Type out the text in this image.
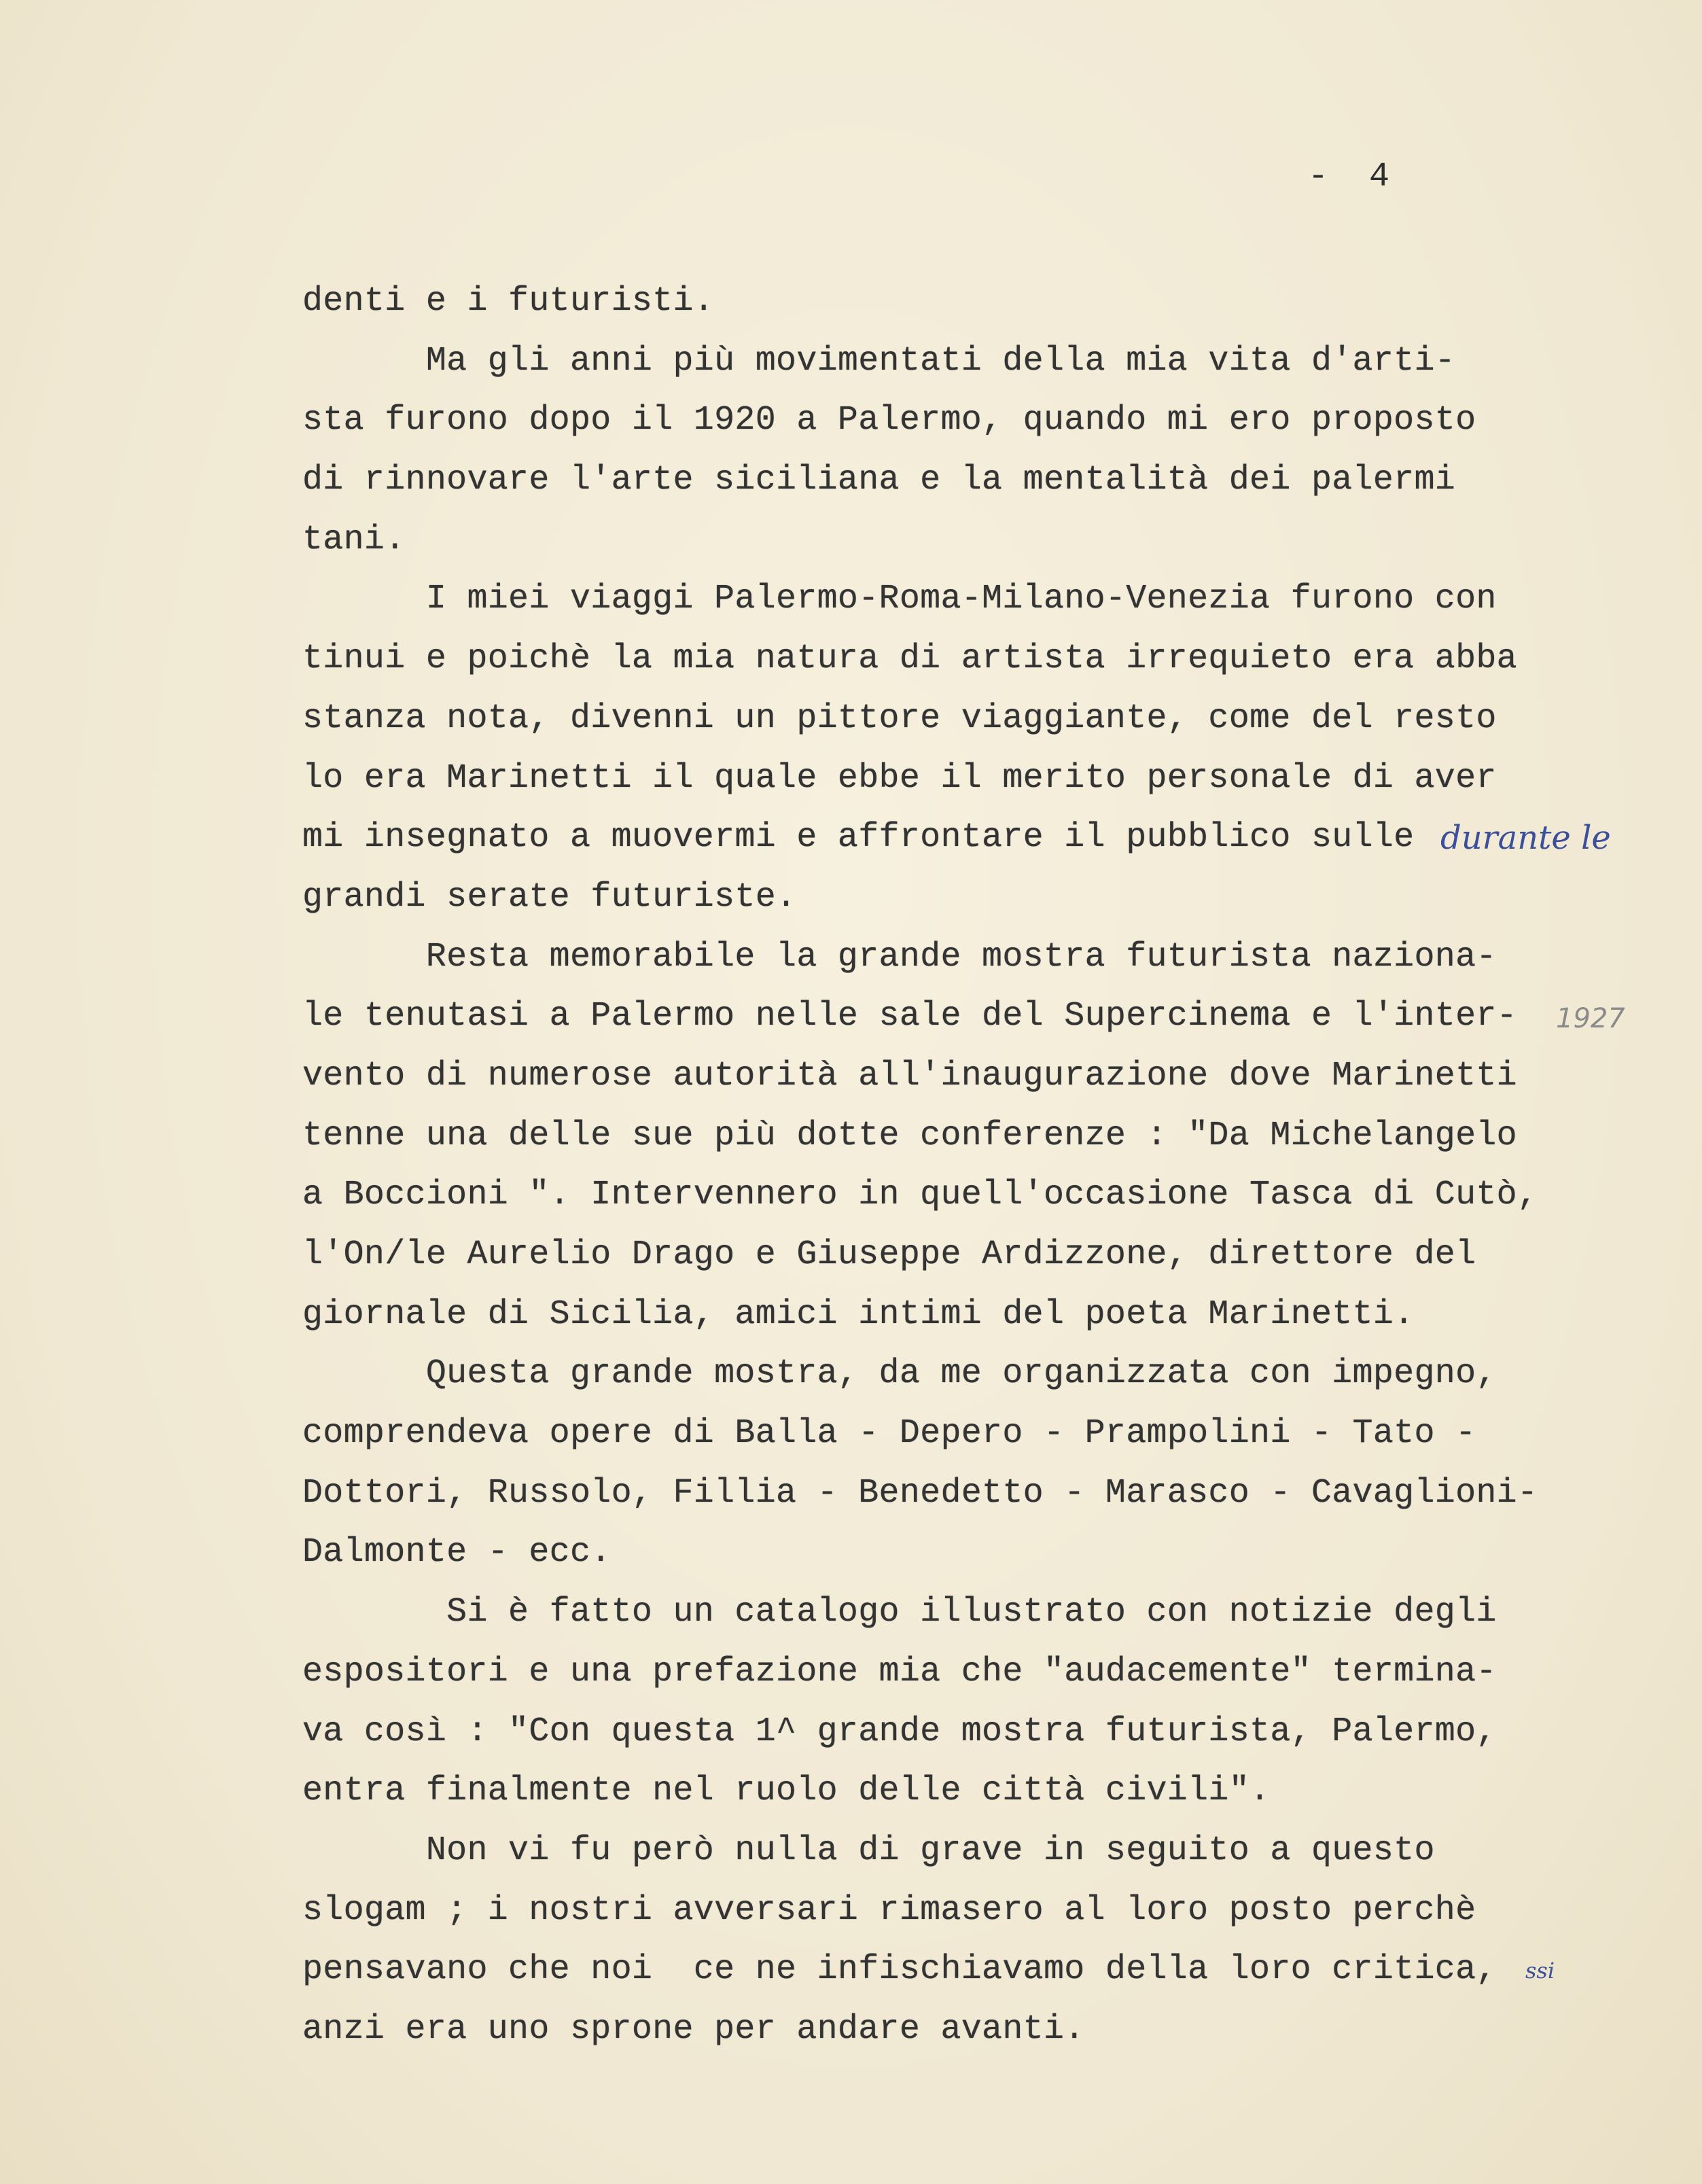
-  4
denti e i futuristi.
Ma gli anni più movimentati della mia vita d'arti-
sta furono dopo il 1920 a Palermo, quando mi ero proposto
di rinnovare l'arte siciliana e la mentalità dei palermi
tani.
I miei viaggi Palermo-Roma-Milano-Venezia furono con
tinui e poichè la mia natura di artista irrequieto era abba
stanza nota, divenni un pittore viaggiante, come del resto
lo era Marinetti il quale ebbe il merito personale di aver
mi insegnato a muovermi e affrontare il pubblico sulle
grandi serate futuriste.
Resta memorabile la grande mostra futurista naziona-
le tenutasi a Palermo nelle sale del Supercinema e l'inter-
vento di numerose autorità all'inaugurazione dove Marinetti
tenne una delle sue più dotte conferenze : "Da Michelangelo
a Boccioni ". Intervennero in quell'occasione Tasca di Cutò,
l'On/le Aurelio Drago e Giuseppe Ardizzone, direttore del
giornale di Sicilia, amici intimi del poeta Marinetti.
Questa grande mostra, da me organizzata con impegno,
comprendeva opere di Balla - Depero - Prampolini - Tato -
Dottori, Russolo, Fillia - Benedetto - Marasco - Cavaglioni-
Dalmonte - ecc.
Si è fatto un catalogo illustrato con notizie degli
espositori e una prefazione mia che "audacemente" termina-
va così : "Con questa 1^ grande mostra futurista, Palermo,
entra finalmente nel ruolo delle città civili".
Non vi fu però nulla di grave in seguito a questo
slogam ; i nostri avversari rimasero al loro posto perchè
pensavano che noi  ce ne infischiavamo della loro critica,
anzi era uno sprone per andare avanti.
durante le
1927
ssi
